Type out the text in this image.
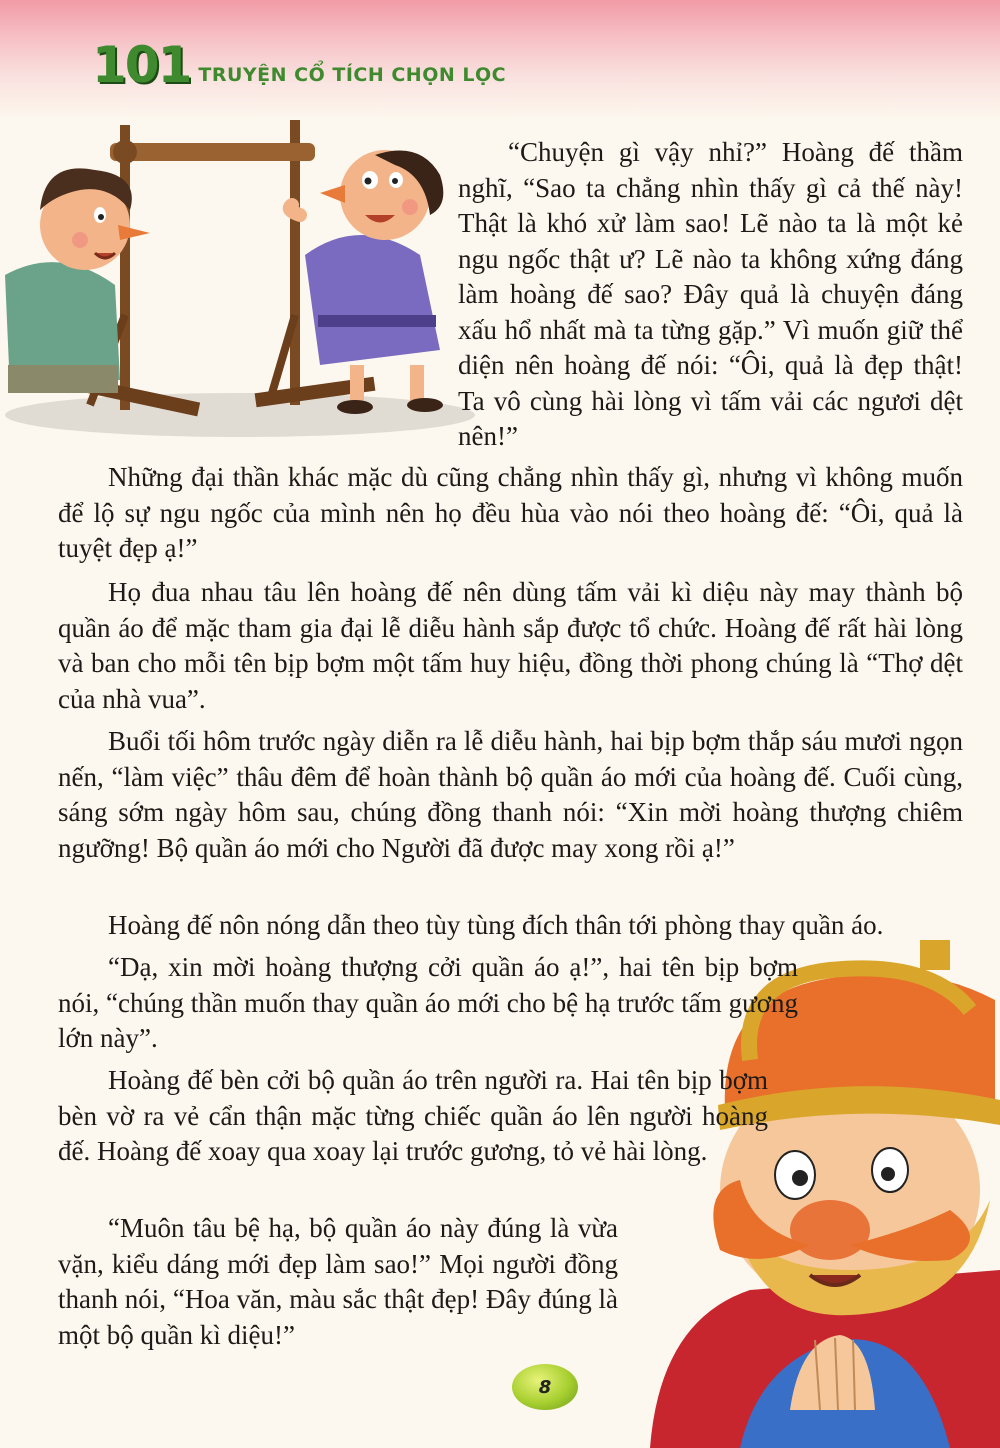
101 TRUYỆN CỔ TÍCH CHỌN LỌC

“Chuyện gì vậy nhỉ?” Hoàng đế thầm nghĩ, “Sao ta chẳng nhìn thấy gì cả thế này! Thật là khó xử làm sao! Lẽ nào ta là một kẻ ngu ngốc thật ư? Lẽ nào ta không xứng đáng làm hoàng đế sao? Đây quả là chuyện đáng xấu hổ nhất mà ta từng gặp.” Vì muốn giữ thể diện nên hoàng đế nói: “Ôi, quả là đẹp thật! Ta vô cùng hài lòng vì tấm vải các ngươi dệt nên!”

Những đại thần khác mặc dù cũng chẳng nhìn thấy gì, nhưng vì không muốn để lộ sự ngu ngốc của mình nên họ đều hùa vào nói theo hoàng đế: “Ôi, quả là tuyệt đẹp ạ!”

Họ đua nhau tâu lên hoàng đế nên dùng tấm vải kì diệu này may thành bộ quần áo để mặc tham gia đại lễ diễu hành sắp được tổ chức. Hoàng đế rất hài lòng và ban cho mỗi tên bịp bợm một tấm huy hiệu, đồng thời phong chúng là “Thợ dệt của nhà vua”.

Buổi tối hôm trước ngày diễn ra lễ diễu hành, hai bịp bợm thắp sáu mươi ngọn nến, “làm việc” thâu đêm để hoàn thành bộ quần áo mới của hoàng đế. Cuối cùng, sáng sớm ngày hôm sau, chúng đồng thanh nói: “Xin mời hoàng thượng chiêm ngưỡng! Bộ quần áo mới cho Người đã được may xong rồi ạ!”

Hoàng đế nôn nóng dẫn theo tùy tùng đích thân tới phòng thay quần áo.

“Dạ, xin mời hoàng thượng cởi quần áo ạ!”, hai tên bịp bợm nói, “chúng thần muốn thay quần áo mới cho bệ hạ trước tấm gương lớn này”.

Hoàng đế bèn cởi bộ quần áo trên người ra. Hai tên bịp bợm bèn vờ ra vẻ cẩn thận mặc từng chiếc quần áo lên người hoàng đế. Hoàng đế xoay qua xoay lại trước gương, tỏ vẻ hài lòng.

“Muôn tâu bệ hạ, bộ quần áo này đúng là vừa vặn, kiểu dáng mới đẹp làm sao!” Mọi người đồng thanh nói, “Hoa văn, màu sắc thật đẹp! Đây đúng là một bộ quần kì diệu!”

8
